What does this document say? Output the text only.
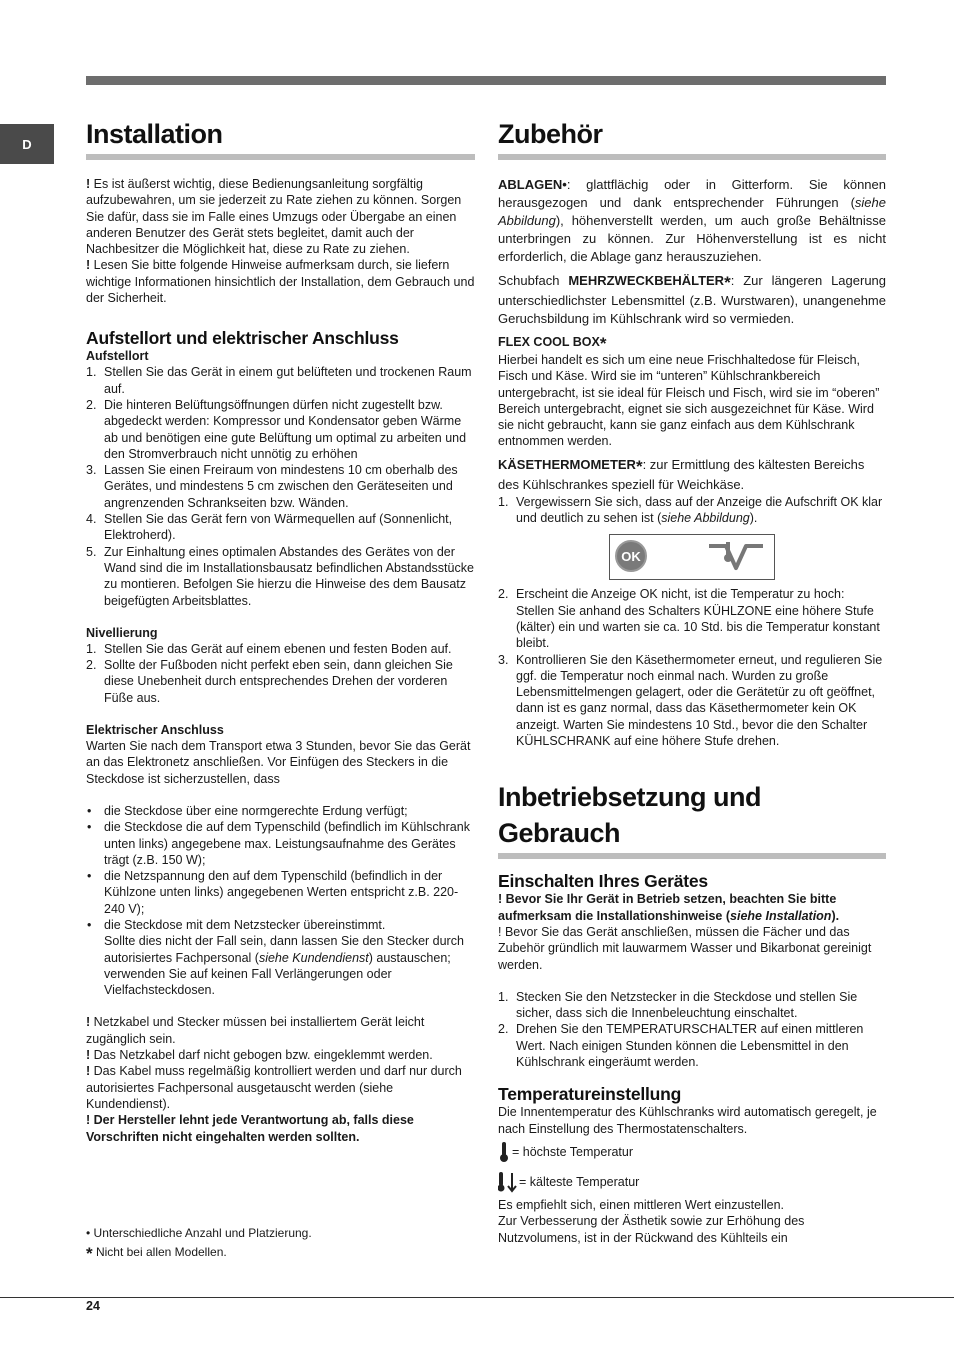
D	Installation

! Es ist äußerst wichtig, diese Bedienungsanleitung sorgfältig aufzubewahren, um sie jederzeit zu Rate ziehen zu können. Sorgen Sie dafür, dass sie im Falle eines Umzugs oder Übergabe an einen anderen Benutzer des Gerät stets begleitet, damit auch der Nachbesitzer die Möglichkeit hat, diese zu Rate zu ziehen.

! Lesen Sie bitte folgende Hinweise aufmerksam durch, sie liefern wichtige Informationen hinsichtlich der Installation, dem Gebrauch und der Sicherheit.

Aufstellort und elektrischer Anschluss
Aufstellort
1. Stellen Sie das Gerät in einem gut belüfteten und trockenen Raum auf.
2. Die hinteren Belüftungsöffnungen dürfen nicht zugestellt bzw. abgedeckt werden: Kompressor und Kondensator geben Wärme ab und benötigen eine gute Belüftung um optimal zu arbeiten und den Stromverbrauch nicht unnötig zu erhöhen
3. Lassen Sie einen Freiraum von mindestens 10 cm oberhalb des Gerätes, und mindestens 5 cm zwischen den Geräteseiten und angrenzenden Schrankseiten bzw. Wänden.
4. Stellen Sie das Gerät fern von Wärmequellen auf (Sonnenlicht, Elektroherd).
5. Zur Einhaltung eines optimalen Abstandes des Gerätes von der Wand sind die im Installationsbausatz befindlichen Abstandsstücke zu montieren. Befolgen Sie hierzu die Hinweise des dem Bausatz beigefügten Arbeitsblattes.
Nivellierung
1. Stellen Sie das Gerät auf einem ebenen und festen Boden auf.
2. Sollte der Fußboden nicht perfekt eben sein, dann gleichen Sie diese Unebenheit durch entsprechendes Drehen der vorderen Füße aus.
Elektrischer Anschluss

Warten Sie nach dem Transport etwa 3 Stunden, bevor Sie das Gerät an das Elektronetz anschließen. Vor Einfügen des Steckers in die Steckdose ist sicherzustellen, dass

• die Steckdose über eine normgerechte Erdung verfügt;
• die Steckdose die auf dem Typenschild (befindlich im Kühlschrank unten links) angegebene max. Leistungsaufnahme des Gerätes trägt (z.B. 150 W);
• die Netzspannung den auf dem Typenschild (befindlich in der Kühlzone unten links) angegebenen Werten entspricht z.B. 220-240 V);
• die Steckdose mit dem Netzstecker übereinstimmt.
Sollte dies nicht der Fall sein, dann lassen Sie den Stecker durch autorisiertes Fachpersonal (siehe Kundendienst) austauschen; verwenden Sie auf keinen Fall Verlängerungen oder Vielfachsteckdosen.

! Netzkabel und Stecker müssen bei installiertem Gerät leicht zugänglich sein.

! Das Netzkabel darf nicht gebogen bzw. eingeklemmt werden.

! Das Kabel muss regelmäßig kontrolliert werden und darf nur durch autorisiertes Fachpersonal ausgetauscht werden (siehe Kundendienst).

! Der Hersteller lehnt jede Verantwortung ab, falls diese Vorschriften nicht eingehalten werden sollten.

• Unterschiedliche Anzahl und Platzierung.

* Nicht bei allen Modellen.

Zubehör

ABLAGEN•: glattflächig oder in Gitterform. Sie können herausgezogen und dank entsprechender Führungen (siehe Abbildung), höhenverstellt werden, um auch große Behältnisse unterbringen zu können. Zur Höhenverstellung ist es nicht erforderlich, die Ablage ganz herauszuziehen.

Schubfach MEHRZWECKBEHÄLTER*: Zur längeren Lagerung unterschiedlichster Lebensmittel (z.B. Wurstwaren), unangenehme Geruchsbildung im Kühlschrank wird so vermieden.

FLEX COOL BOX*

Hierbei handelt es sich um eine neue Frischhaltedose für Fleisch, Fisch und Käse. Wird sie im “unteren” Kühlschrankbereich untergebracht, ist sie ideal für Fleisch und Fisch, wird sie im “oberen” Bereich untergebracht, eignet sie sich ausgezeichnet für Käse. Wird sie nicht gebraucht, kann sie ganz einfach aus dem Kühlschrank entnommen werden.

KÄSETHERMOMETER*: zur Ermittlung des kältesten Bereichs des Kühlschrankes speziell für Weichkäse.

1. Vergewissern Sie sich, dass auf der Anzeige die Aufschrift OK klar und deutlich zu sehen ist (siehe Abbildung).
OK
2. Erscheint die Anzeige OK nicht, ist die Temperatur zu hoch: Stellen Sie anhand des Schalters KÜHLZONE eine höhere Stufe (kälter) ein und warten sie ca. 10 Std. bis die Temperatur konstant bleibt.
3. Kontrollieren Sie den Käsethermometer erneut, und regulieren Sie ggf. die Temperatur noch einmal nach. Wurden zu große Lebensmittelmengen gelagert, oder die Gerätetür zu oft geöffnet, dann ist es ganz normal, dass das Käsethermometer kein OK anzeigt. Warten Sie mindestens 10 Std., bevor die den Schalter KÜHLSCHRANK auf eine höhere Stufe drehen.
Inbetriebsetzung und Gebrauch
Einschalten Ihres Gerätes

! Bevor Sie Ihr Gerät in Betrieb setzen, beachten Sie bitte aufmerksam die Installationshinweise (siehe Installation).

! Bevor Sie das Gerät anschließen, müssen die Fächer und das Zubehör gründlich mit lauwarmem Wasser und Bikarbonat gereinigt werden.

1. Stecken Sie den Netzstecker in die Steckdose und stellen Sie sicher, dass sich die Innenbeleuchtung einschaltet.
2. Drehen Sie den TEMPERATURSCHALTER auf einen mittleren Wert. Nach einigen Stunden können die Lebensmittel in den Kühlschrank eingeräumt werden.
Temperatureinstellung

Die Innentemperatur des Kühlschranks wird automatisch geregelt, je nach Einstellung des Thermostatenschalters.

= höchste Temperatur
= kälteste Temperatur

Es empfiehlt sich, einen mittleren Wert einzustellen.

Zur Verbesserung der Ästhetik sowie zur Erhöhung des Nutzvolumens, ist in der Rückwand des Kühlteils ein

24
